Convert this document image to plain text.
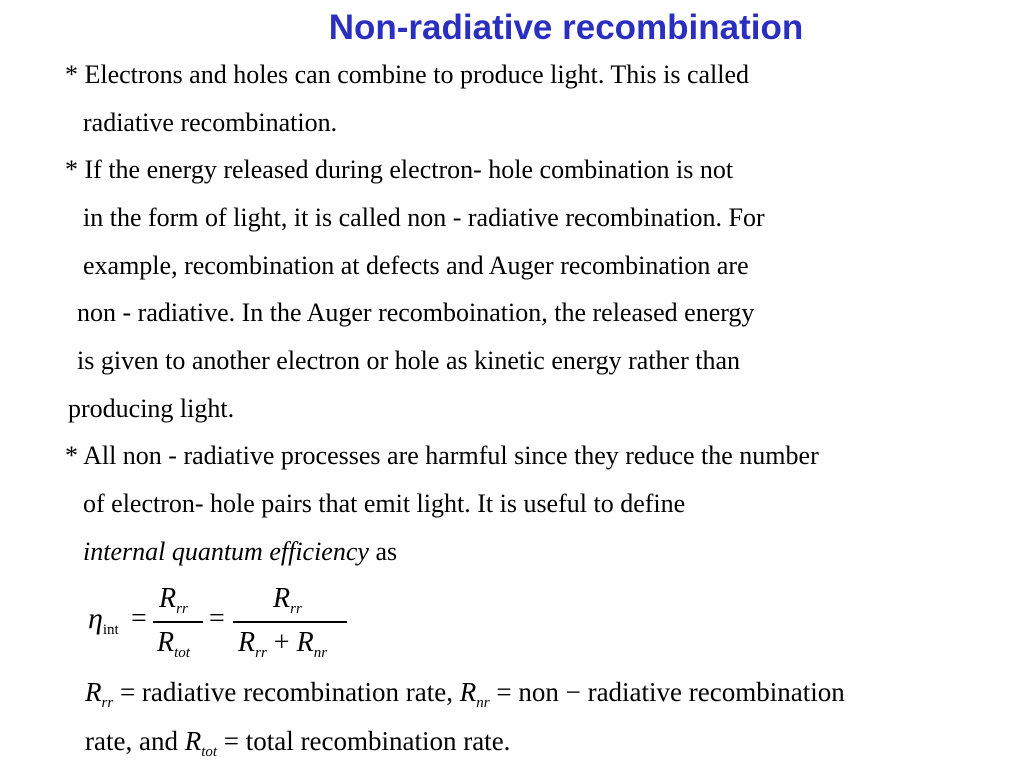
Non-radiative recombination
* Electrons and holes can combine to produce light. This is called
radiative recombination.
* If the energy released during electron- hole combination is not
in the form of light, it is called non - radiative recombination. For
example, recombination at defects and Auger recombination are
non - radiative. In the Auger recomboination, the released energy
is given to another electron or hole as kinetic energy rather than
producing light.
* All non - radiative processes are harmful since they reduce the number
of electron- hole pairs that emit light. It is useful to define
internal quantum efficiency as
$\eta_{int}$ =
$R_{rr}$
$R_{tot}$
=
$R_{rr}$
$R_{rr} + R_{nr}$
$R_{rr}$ = radiative recombination rate, $R_{nr}$ = non − radiative recombination
rate, and $R_{tot}$ = total recombination rate.
